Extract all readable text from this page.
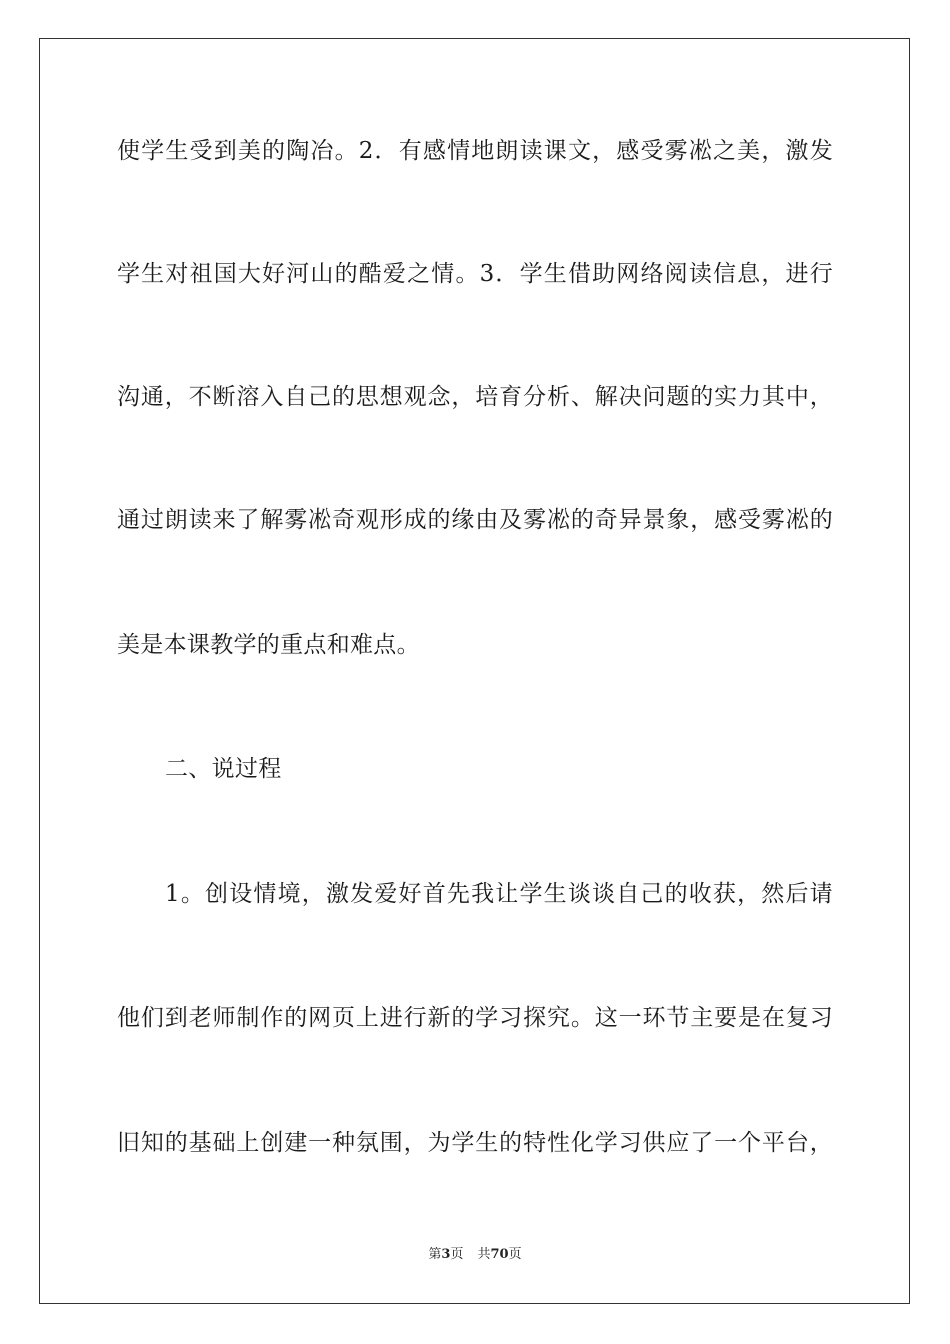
使学生受到美的陶冶。2．有感情地朗读课文，感受雾凇之美，激发
学生对祖国大好河山的酷爱之情。3．学生借助网络阅读信息，进行
沟通，不断溶入自己的思想观念，培育分析、解决问题的实力其中，
通过朗读来了解雾凇奇观形成的缘由及雾凇的奇异景象，感受雾凇的
美是本课教学的重点和难点。
二、说过程
1。创设情境，激发爱好首先我让学生谈谈自己的收获，然后请
他们到老师制作的网页上进行新的学习探究。这一环节主要是在复习
旧知的基础上创建一种氛围，为学生的特性化学习供应了一个平台，
第3页 共70页
